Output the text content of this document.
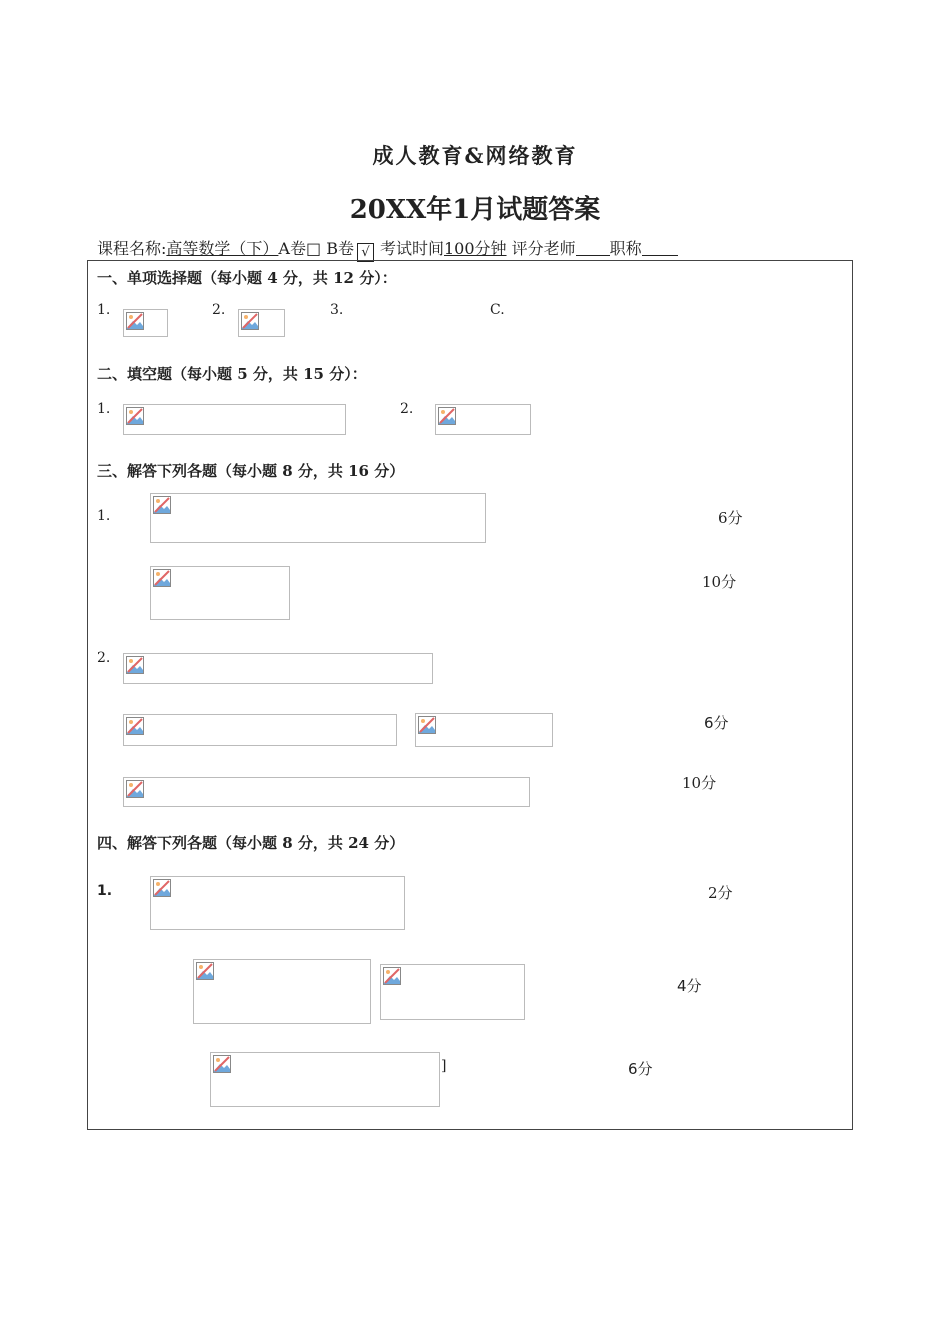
成人教育&网络教育
20XX年1月试题答案
课程名称:高等数学（下）A卷□ B卷 √ 考试时间100分钟 评分老师 职称
一、单项选择题（每小题 4 分，共 12 分）：
1.	2.	3.	C.
二、填空题（每小题 5 分，共 15 分）：
1.	2.
三、解答下列各题（每小题 8 分，共 16 分）
1.	6分
10分
2.
6分
10分
四、解答下列各题（每小题 8 分，共 24 分）
1.	2分
4分
]	6分
